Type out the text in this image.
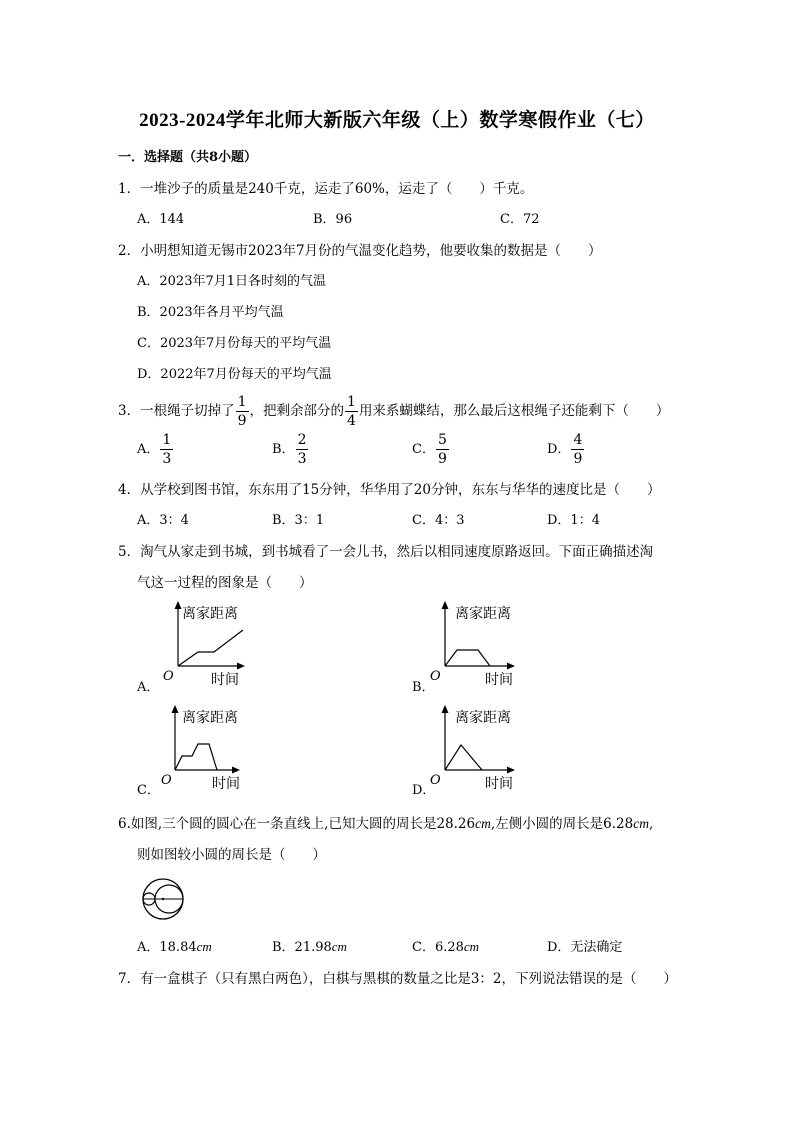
2023-2024学年北师大新版六年级（上）数学寒假作业（七）
一．选择题（共8小题）
1．一堆沙子的质量是240千克，运走了60%，运走了（　　）千克。
A．144	B．96	C．72
2．小明想知道无锡市2023年7月份的气温变化趋势，他要收集的数据是（　　）
A．2023年7月1日各时刻的气温
B．2023年各月平均气温
C．2023年7月份每天的平均气温
D．2022年7月份每天的平均气温
3．一根绳子切掉了 $\frac{1}{9}$ ，把剩余部分的 $\frac{1}{4}$ 用来系蝴蝶结，那么最后这根绳子还能剩下（　　）
A． $\frac{1}{3}$	B． $\frac{2}{3}$	C． $\frac{5}{9}$	D． $\frac{4}{9}$
4．从学校到图书馆，东东用了15分钟，华华用了20分钟，东东与华华的速度比是（　　）
A．3：4	B．3：1	C．4：3	D．1：4
5．淘气从家走到书城，到书城看了一会儿书，然后以相同速度原路返回。下面正确描述淘
气这一过程的图象是（　　）
A．
离家距离
O	时间	B．
离家距离
O	时间
C．
离家距离
O	时间	D．
离家距离
O	时间
6.如图,三个圆的圆心在一条直线上,已知大圆的周长是28.26cm,左侧小圆的周长是6.28cm,
则如图较小圆的周长是（　　）
A．18.84cm	B．21.98cm	C．6.28cm	D．无法确定
7．有一盒棋子（只有黑白两色），白棋与黑棋的数量之比是3：2，下列说法错误的是（　　）
